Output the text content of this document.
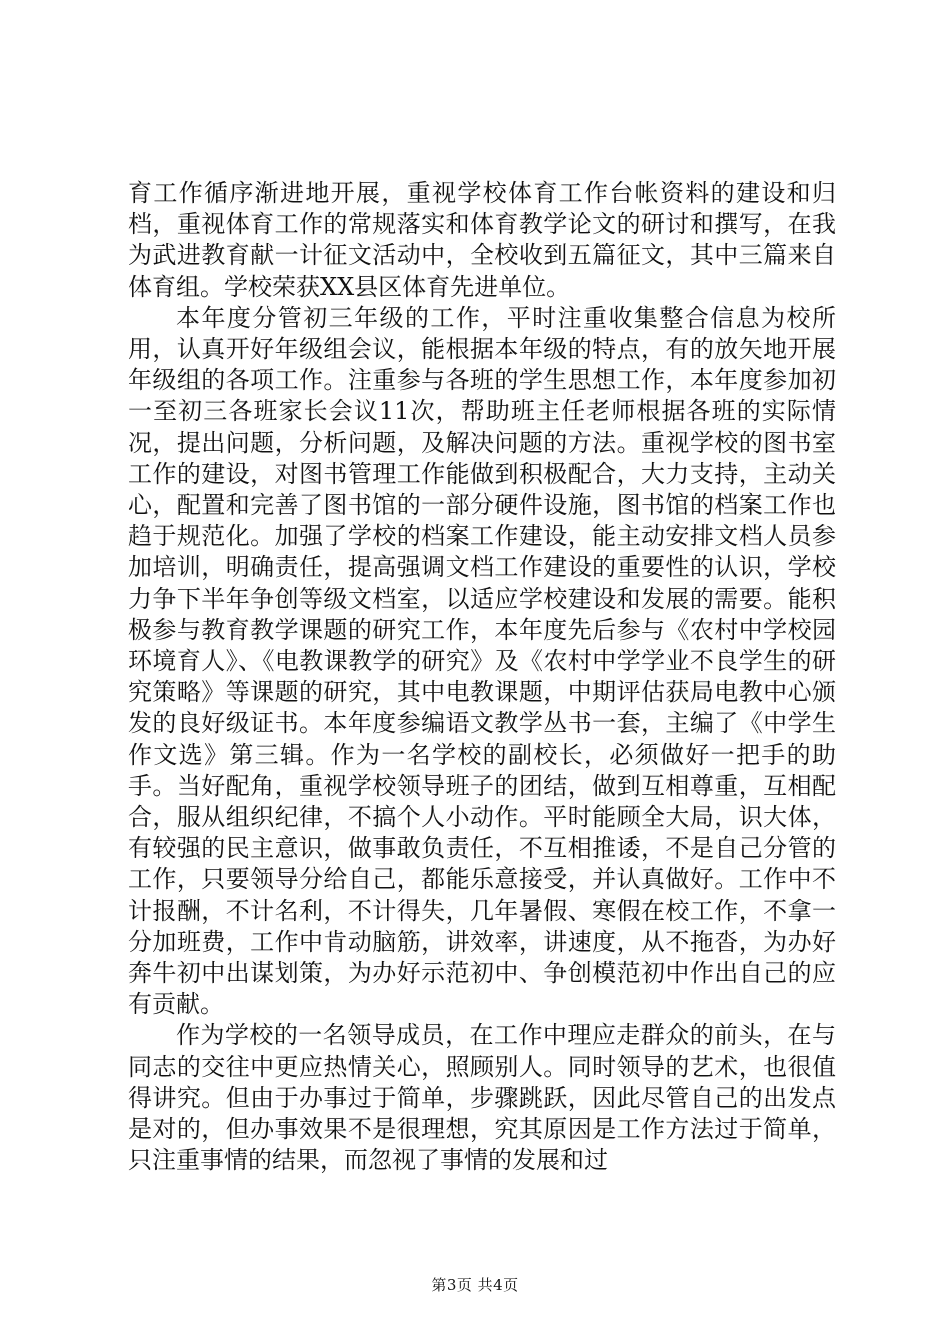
育工作循序渐进地开展，重视学校体育工作台帐资料的建设和归档，重视体育工作的常规落实和体育教学论文的研讨和撰写，在我为武进教育献一计征文活动中，全校收到五篇征文，其中三篇来自体育组。学校荣获XX县区体育先进单位。

本年度分管初三年级的工作，平时注重收集整合信息为校所用，认真开好年级组会议，能根据本年级的特点，有的放矢地开展年级组的各项工作。注重参与各班的学生思想工作，本年度参加初一至初三各班家长会议11次，帮助班主任老师根据各班的实际情况，提出问题，分析问题，及解决问题的方法。重视学校的图书室工作的建设，对图书管理工作能做到积极配合，大力支持，主动关心，配置和完善了图书馆的一部分硬件设施，图书馆的档案工作也趋于规范化。加强了学校的档案工作建设，能主动安排文档人员参加培训，明确责任，提高强调文档工作建设的重要性的认识，学校力争下半年争创等级文档室，以适应学校建设和发展的需要。能积极参与教育教学课题的研究工作，本年度先后参与《农村中学校园环境育人》、《电教课教学的研究》及《农村中学学业不良学生的研究策略》等课题的研究，其中电教课题，中期评估获局电教中心颁发的良好级证书。本年度参编语文教学丛书一套，主编了《中学生作文选》第三辑。作为一名学校的副校长，必须做好一把手的助手。当好配角，重视学校领导班子的团结，做到互相尊重，互相配合，服从组织纪律，不搞个人小动作。平时能顾全大局，识大体，有较强的民主意识，做事敢负责任，不互相推诿，不是自己分管的工作，只要领导分给自己，都能乐意接受，并认真做好。工作中不计报酬，不计名利，不计得失，几年暑假、寒假在校工作，不拿一分加班费，工作中肯动脑筋，讲效率，讲速度，从不拖沓，为办好奔牛初中出谋划策，为办好示范初中、争创模范初中作出自己的应有贡献。

作为学校的一名领导成员，在工作中理应走群众的前头，在与同志的交往中更应热情关心，照顾别人。同时领导的艺术，也很值得讲究。但由于办事过于简单，步骤跳跃，因此尽管自己的出发点是对的，但办事效果不是很理想，究其原因是工作方法过于简单，只注重事情的结果，而忽视了事情的发展和过

第3页 共4页
